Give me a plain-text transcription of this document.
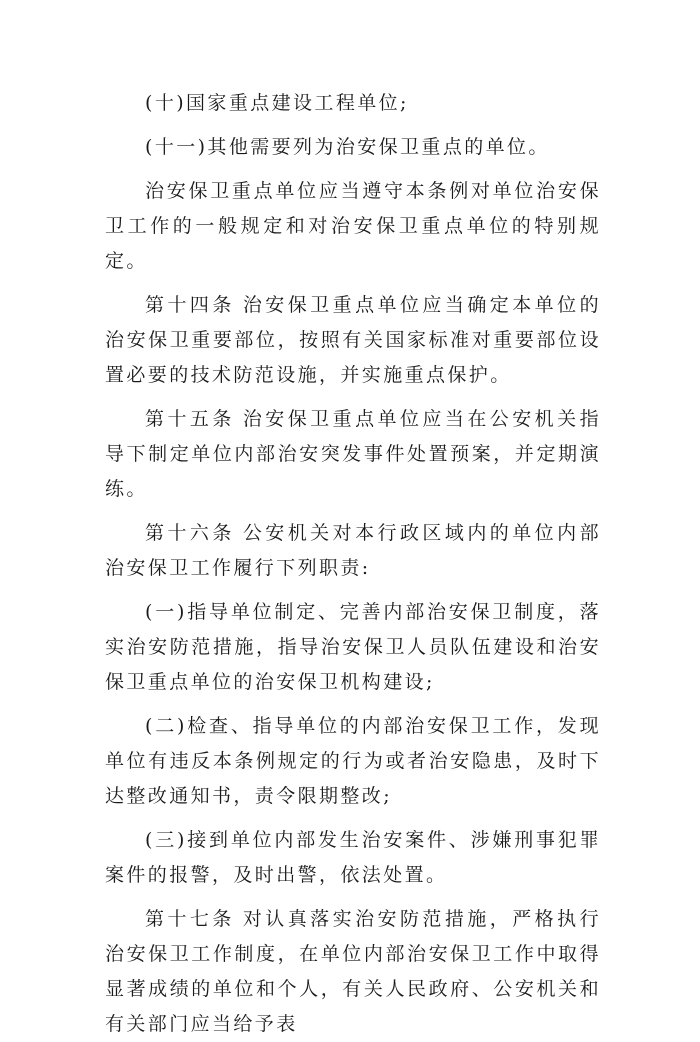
(十)国家重点建设工程单位;

(十一)其他需要列为治安保卫重点的单位。

治安保卫重点单位应当遵守本条例对单位治安保卫工作的一般规定和对治安保卫重点单位的特别规定。

第十四条 治安保卫重点单位应当确定本单位的治安保卫重要部位，按照有关国家标准对重要部位设置必要的技术防范设施，并实施重点保护。

第十五条 治安保卫重点单位应当在公安机关指导下制定单位内部治安突发事件处置预案，并定期演练。

第十六条 公安机关对本行政区域内的单位内部治安保卫工作履行下列职责:

(一)指导单位制定、完善内部治安保卫制度，落实治安防范措施，指导治安保卫人员队伍建设和治安保卫重点单位的治安保卫机构建设;

(二)检查、指导单位的内部治安保卫工作，发现单位有违反本条例规定的行为或者治安隐患，及时下达整改通知书，责令限期整改;

(三)接到单位内部发生治安案件、涉嫌刑事犯罪案件的报警，及时出警，依法处置。

第十七条 对认真落实治安防范措施，严格执行治安保卫工作制度，在单位内部治安保卫工作中取得显著成绩的单位和个人，有关人民政府、公安机关和有关部门应当给予表
